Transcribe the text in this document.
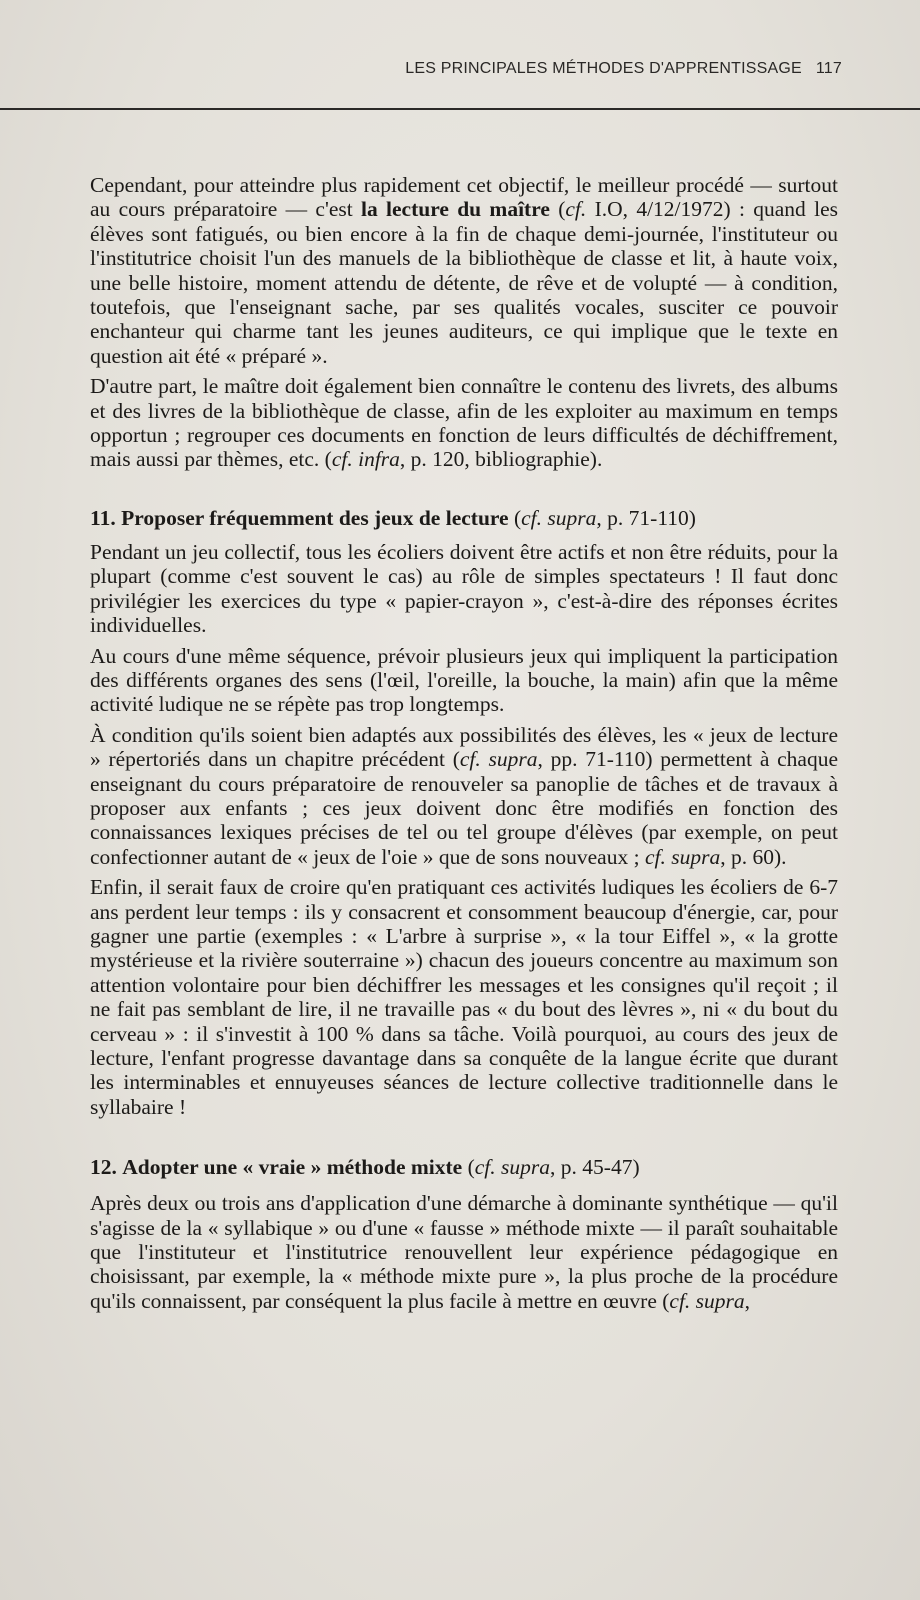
LES PRINCIPALES MÉTHODES D'APPRENTISSAGE 117

Cependant, pour atteindre plus rapidement cet objectif, le meilleur procédé — surtout au cours préparatoire — c'est la lecture du maître (cf. I.O, 4/12/1972) : quand les élèves sont fatigués, ou bien encore à la fin de chaque demi-journée, l'instituteur ou l'institutrice choisit l'un des manuels de la bibliothèque de classe et lit, à haute voix, une belle histoire, moment attendu de détente, de rêve et de volupté — à condition, toutefois, que l'enseignant sache, par ses qualités vocales, susciter ce pouvoir enchanteur qui charme tant les jeunes auditeurs, ce qui implique que le texte en question ait été « préparé ».

D'autre part, le maître doit également bien connaître le contenu des livrets, des albums et des livres de la bibliothèque de classe, afin de les exploiter au maximum en temps opportun ; regrouper ces documents en fonction de leurs difficultés de déchiffrement, mais aussi par thèmes, etc. (cf. infra, p. 120, bibliographie).

11. Proposer fréquemment des jeux de lecture (cf. supra, p. 71-110)

Pendant un jeu collectif, tous les écoliers doivent être actifs et non être réduits, pour la plupart (comme c'est souvent le cas) au rôle de simples spectateurs ! Il faut donc privilégier les exercices du type « papier-crayon », c'est-à-dire des réponses écrites individuelles.

Au cours d'une même séquence, prévoir plusieurs jeux qui impliquent la participation des différents organes des sens (l'œil, l'oreille, la bouche, la main) afin que la même activité ludique ne se répète pas trop longtemps.

À condition qu'ils soient bien adaptés aux possibilités des élèves, les « jeux de lecture » répertoriés dans un chapitre précédent (cf. supra, pp. 71-110) permettent à chaque enseignant du cours préparatoire de renouveler sa panoplie de tâches et de travaux à proposer aux enfants ; ces jeux doivent donc être modifiés en fonction des connaissances lexiques précises de tel ou tel groupe d'élèves (par exemple, on peut confectionner autant de « jeux de l'oie » que de sons nouveaux ; cf. supra, p. 60).

Enfin, il serait faux de croire qu'en pratiquant ces activités ludiques les écoliers de 6-7 ans perdent leur temps : ils y consacrent et consomment beaucoup d'énergie, car, pour gagner une partie (exemples : « L'arbre à surprise », « la tour Eiffel », « la grotte mystérieuse et la rivière souterraine ») chacun des joueurs concentre au maximum son attention volontaire pour bien déchiffrer les messages et les consignes qu'il reçoit ; il ne fait pas semblant de lire, il ne travaille pas « du bout des lèvres », ni « du bout du cerveau » : il s'investit à 100 % dans sa tâche. Voilà pourquoi, au cours des jeux de lecture, l'enfant progresse davantage dans sa conquête de la langue écrite que durant les interminables et ennuyeuses séances de lecture collective traditionnelle dans le syllabaire !

12. Adopter une « vraie » méthode mixte (cf. supra, p. 45-47)

Après deux ou trois ans d'application d'une démarche à dominante synthétique — qu'il s'agisse de la « syllabique » ou d'une « fausse » méthode mixte — il paraît souhaitable que l'instituteur et l'institutrice renouvellent leur expérience pédagogique en choisissant, par exemple, la « méthode mixte pure », la plus proche de la procédure qu'ils connaissent, par conséquent la plus facile à mettre en œuvre (cf. supra,
